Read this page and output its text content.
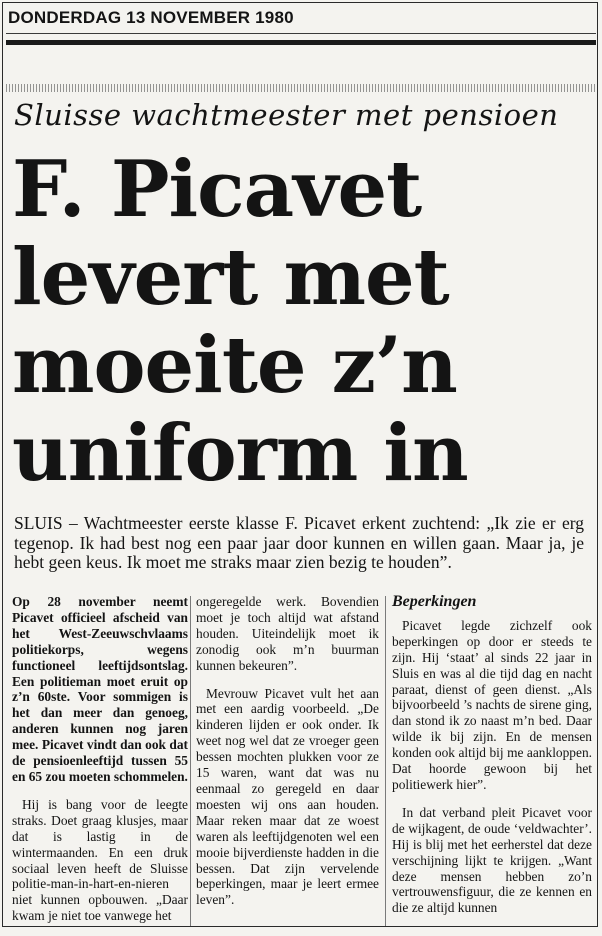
DONDERDAG 13 NOVEMBER 1980
Sluisse wachtmeester met pensioen
F. Picavet
levert met
moeite z’n
uniform in
SLUIS – Wachtmeester eerste klasse F. Picavet erkent zuchtend: „Ik zie er erg tegenop. Ik had best nog een paar jaar door kunnen en willen gaan. Maar ja, je hebt geen keus. Ik moet me straks maar zien bezig te houden”.

Op 28 november neemt Picavet officieel afscheid van het West-Zeeuwschvlaams politiekorps, wegens functioneel leeftijdsontslag. Een politieman moet eruit op z’n 60ste. Voor sommigen is het dan meer dan genoeg, anderen kunnen nog jaren mee. Picavet vindt dan ook dat de pensioenleeftijd tussen 55 en 65 zou moeten schommelen.

Hij is bang voor de leegte straks. Doet graag klusjes, maar dat is lastig in de wintermaanden. En een druk sociaal leven heeft de Sluisse politie-man-in-hart-en-nieren niet kunnen opbouwen. „Daar kwam je niet toe vanwege het

ongeregelde werk. Bovendien moet je toch altijd wat afstand houden. Uiteindelijk moet ik zonodig ook m’n buurman kunnen bekeuren”.

Mevrouw Picavet vult het aan met een aardig voorbeeld. „De kinderen lijden er ook onder. Ik weet nog wel dat ze vroeger geen bessen mochten plukken voor ze 15 waren, want dat was nu eenmaal zo geregeld en daar moesten wij ons aan houden. Maar reken maar dat ze woest waren als leeftijdgenoten wel een mooie bijverdienste hadden in die bessen. Dat zijn vervelende beperkingen, maar je leert ermee leven”.

Beperkingen

Picavet legde zichzelf ook beperkingen op door er steeds te zijn. Hij ‘staat’ al sinds 22 jaar in Sluis en was al die tijd dag en nacht paraat, dienst of geen dienst. „Als bijvoorbeeld ’s nachts de sirene ging, dan stond ik zo naast m’n bed. Daar wilde ik bij zijn. En de mensen konden ook altijd bij me aankloppen. Dat hoorde gewoon bij het politiewerk hier”.

In dat verband pleit Picavet voor de wijkagent, de oude ‘veldwachter’. Hij is blij met het eerherstel dat deze verschijning lijkt te krijgen. „Want deze mensen hebben zo’n vertrouwensfiguur, die ze kennen en die ze altijd kunnen
